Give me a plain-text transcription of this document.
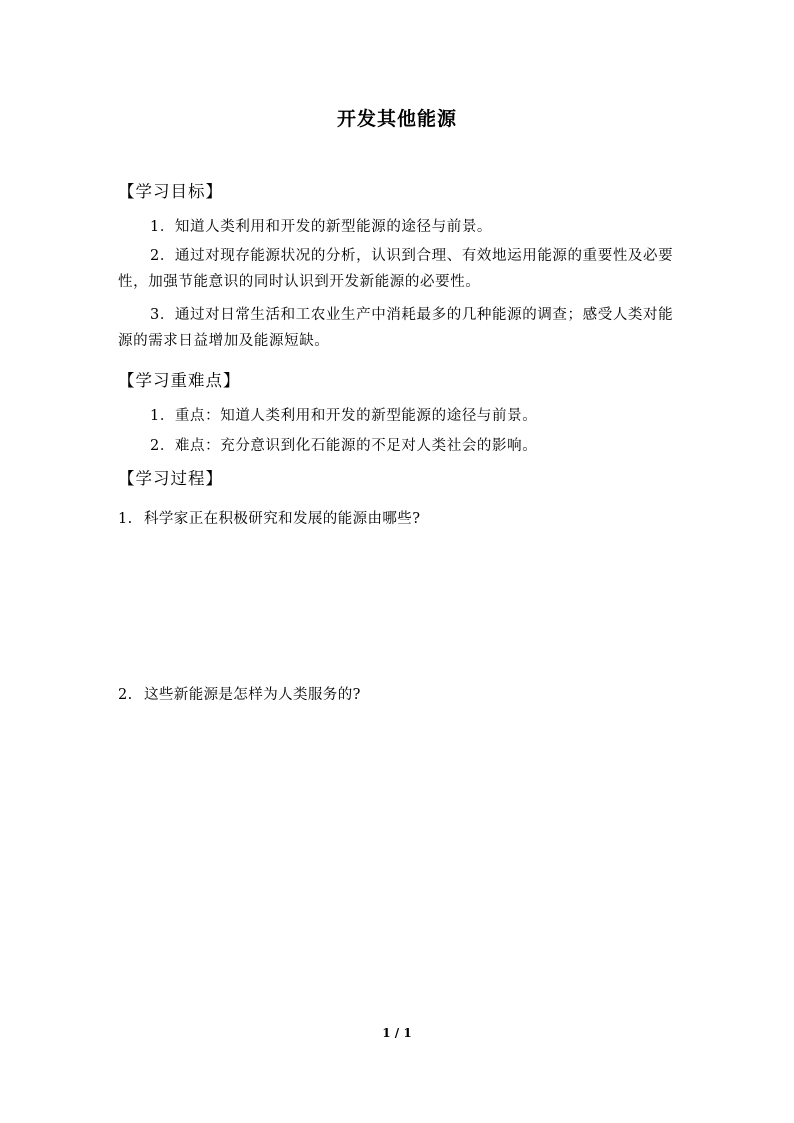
开发其他能源
【学习目标】
1．知道人类利用和开发的新型能源的途径与前景。
2．通过对现存能源状况的分析，认识到合理、有效地运用能源的重要性及必要性，加强节能意识的同时认识到开发新能源的必要性。
3．通过对日常生活和工农业生产中消耗最多的几种能源的调查；感受人类对能源的需求日益增加及能源短缺。
【学习重难点】
1．重点：知道人类利用和开发的新型能源的途径与前景。
2．难点：充分意识到化石能源的不足对人类社会的影响。
【学习过程】
1. 科学家正在积极研究和发展的能源由哪些?
2. 这些新能源是怎样为人类服务的?
1 / 1
